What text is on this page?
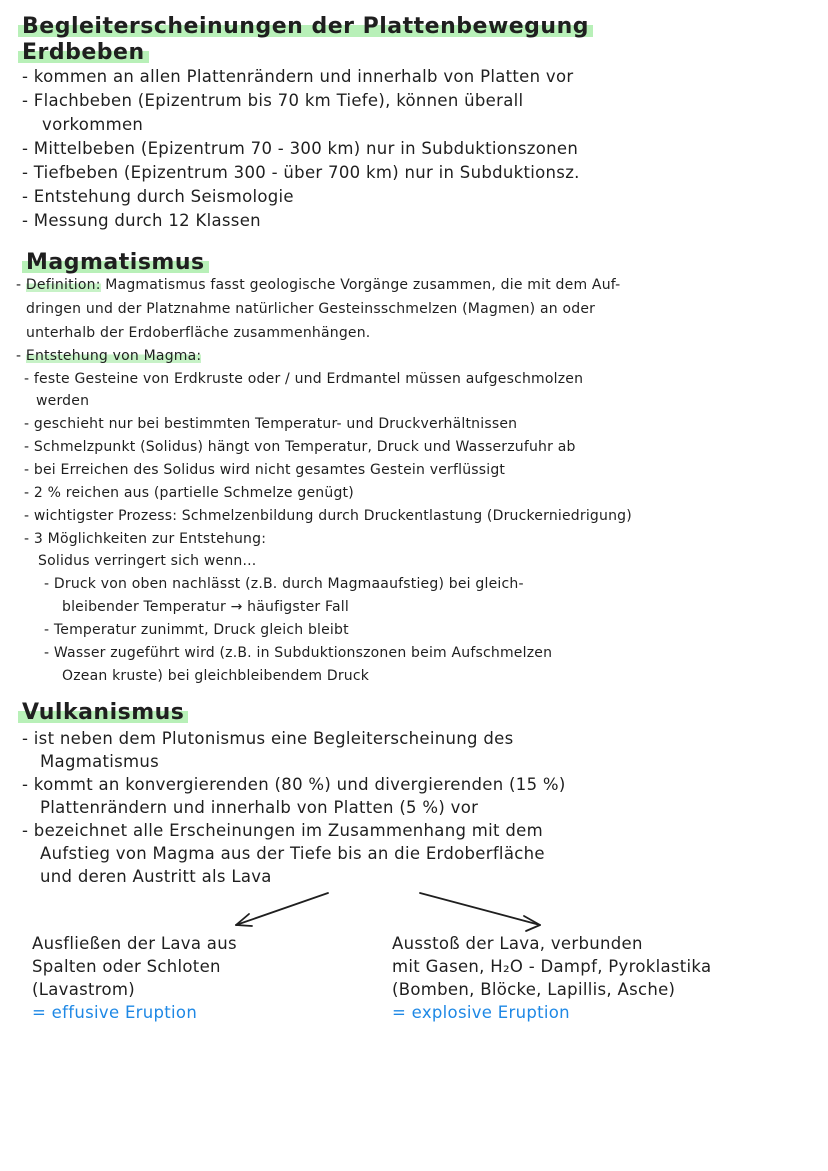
Begleiterscheinungen der Plattenbewegung
Erdbeben
- kommen an allen Plattenrändern und innerhalb von Platten vor
- Flachbeben (Epizentrum bis 70 km Tiefe), können überall
vorkommen
- Mittelbeben (Epizentrum 70 - 300 km) nur in Subduktionszonen
- Tiefbeben (Epizentrum 300 - über 700 km) nur in Subduktionsz.
- Entstehung durch Seismologie
- Messung durch 12 Klassen
Magmatismus
- Definition: Magmatismus fasst geologische Vorgänge zusammen, die mit dem Auf-
dringen und der Platznahme natürlicher Gesteinsschmelzen (Magmen) an oder
unterhalb der Erdoberfläche zusammenhängen.
- Entstehung von Magma:
- feste Gesteine von Erdkruste oder / und Erdmantel müssen aufgeschmolzen
werden
- geschieht nur bei bestimmten Temperatur- und Druckverhältnissen
- Schmelzpunkt (Solidus) hängt von Temperatur, Druck und Wasserzufuhr ab
- bei Erreichen des Solidus wird nicht gesamtes Gestein verflüssigt
- 2 % reichen aus (partielle Schmelze genügt)
- wichtigster Prozess: Schmelzenbildung durch Druckentlastung (Druckerniedrigung)
- 3 Möglichkeiten zur Entstehung:
Solidus verringert sich wenn...
- Druck von oben nachlässt (z.B. durch Magmaaufstieg) bei gleich-
bleibender Temperatur → häufigster Fall
- Temperatur zunimmt, Druck gleich bleibt
- Wasser zugeführt wird (z.B. in Subduktionszonen beim Aufschmelzen
Ozean kruste) bei gleichbleibendem Druck
Vulkanismus
- ist neben dem Plutonismus eine Begleiterscheinung des
Magmatismus
- kommt an konvergierenden (80 %) und divergierenden (15 %)
Plattenrändern und innerhalb von Platten (5 %) vor
- bezeichnet alle Erscheinungen im Zusammenhang mit dem
Aufstieg von Magma aus der Tiefe bis an die Erdoberfläche
und deren Austritt als Lava
Ausfließen der Lava aus
Spalten oder Schloten
(Lavastrom)
= effusive Eruption
Ausstoß der Lava, verbunden
mit Gasen, H₂O - Dampf, Pyroklastika
(Bomben, Blöcke, Lapillis, Asche)
= explosive Eruption
